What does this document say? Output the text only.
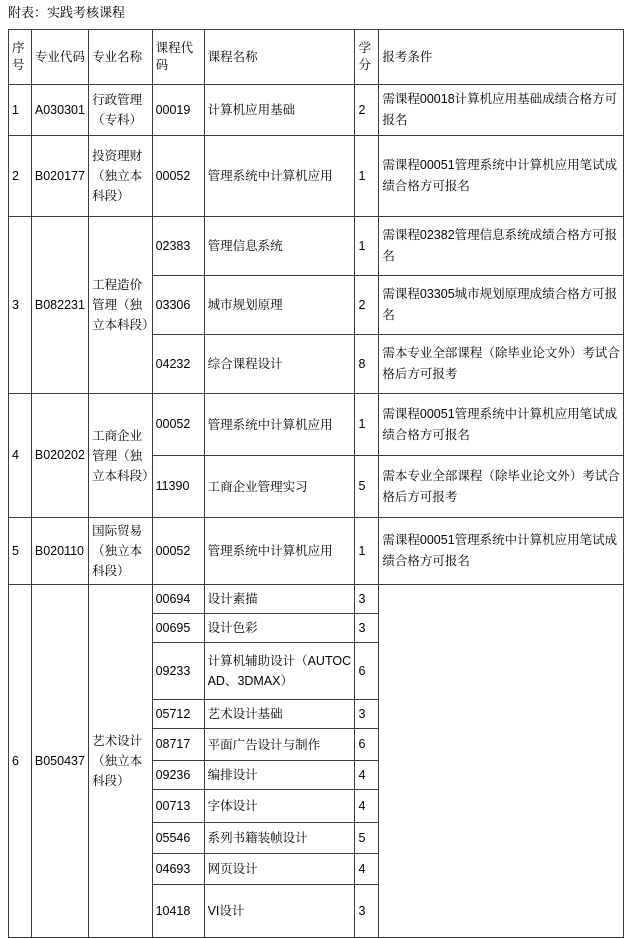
附表：实践考核课程
序号	专业代码	专业名称	课程代码	课程名称	学分	报考条件
1	A030301	行政管理（专科）	00019	计算机应用基础	2	需课程00018计算机应用基础成绩合格方可报名
2	B020177	投资理财（独立本科段）	00052	管理系统中计算机应用	1	需课程00051管理系统中计算机应用笔试成绩合格方可报名
3	B082231	工程造价管理（独立本科段）	02383	管理信息系统	1	需课程02382管理信息系统成绩合格方可报名
			03306	城市规划原理	2	需课程03305城市规划原理成绩合格方可报名
			04232	综合课程设计	8	需本专业全部课程（除毕业论文外）考试合格后方可报考
4	B020202	工商企业管理（独立本科段）	00052	管理系统中计算机应用	1	需课程00051管理系统中计算机应用笔试成绩合格方可报名
			11390	工商企业管理实习	5	需本专业全部课程（除毕业论文外）考试合格后方可报考
5	B020110	国际贸易（独立本科段）	00052	管理系统中计算机应用	1	需课程00051管理系统中计算机应用笔试成绩合格方可报名
6	B050437	艺术设计（独立本科段）	00694	设计素描	3	
			00695	设计色彩	3	
			09233	计算机辅助设计（AUTOCAD、3DMAX）	6	
			05712	艺术设计基础	3	
			08717	平面广告设计与制作	6	
			09236	编排设计	4	
			00713	字体设计	4	
			05546	系列书籍装帧设计	5	
			04693	网页设计	4	
			10418	VI设计	3	
